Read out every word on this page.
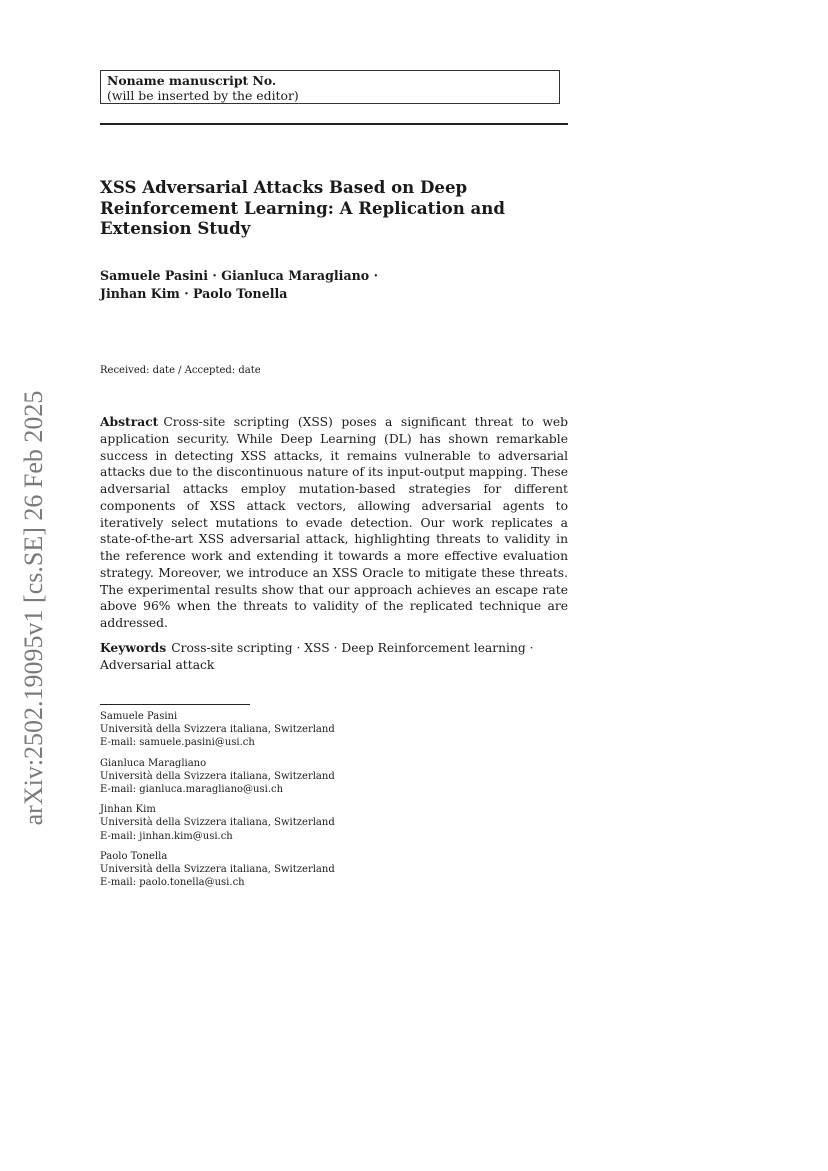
Noname manuscript No.
(will be inserted by the editor)
XSS Adversarial Attacks Based on Deep
Reinforcement Learning: A Replication and
Extension Study
Samuele Pasini · Gianluca Maragliano ·
Jinhan Kim · Paolo Tonella
Received: date / Accepted: date
Abstract Cross-site scripting (XSS) poses a significant threat to web application security. While Deep Learning (DL) has shown remarkable success in detecting XSS attacks, it remains vulnerable to adversarial attacks due to the discontinuous nature of its input-output mapping. These adversarial attacks employ mutation-based strategies for different components of XSS attack vectors, allowing adversarial agents to iteratively select mutations to evade detection. Our work replicates a state-of-the-art XSS adversarial attack, highlighting threats to validity in the reference work and extending it towards a more effective evaluation strategy. Moreover, we introduce an XSS Oracle to mitigate these threats. The experimental results show that our approach achieves an escape rate above 96% when the threats to validity of the replicated technique are addressed.
Keywords Cross-site scripting · XSS · Deep Reinforcement learning · Adversarial attack
Samuele Pasini
Università della Svizzera italiana, Switzerland
E-mail: samuele.pasini@usi.ch
Gianluca Maragliano
Università della Svizzera italiana, Switzerland
E-mail: gianluca.maragliano@usi.ch
Jinhan Kim
Università della Svizzera italiana, Switzerland
E-mail: jinhan.kim@usi.ch
Paolo Tonella
Università della Svizzera italiana, Switzerland
E-mail: paolo.tonella@usi.ch
arXiv:2502.19095v1 [cs.SE] 26 Feb 2025
